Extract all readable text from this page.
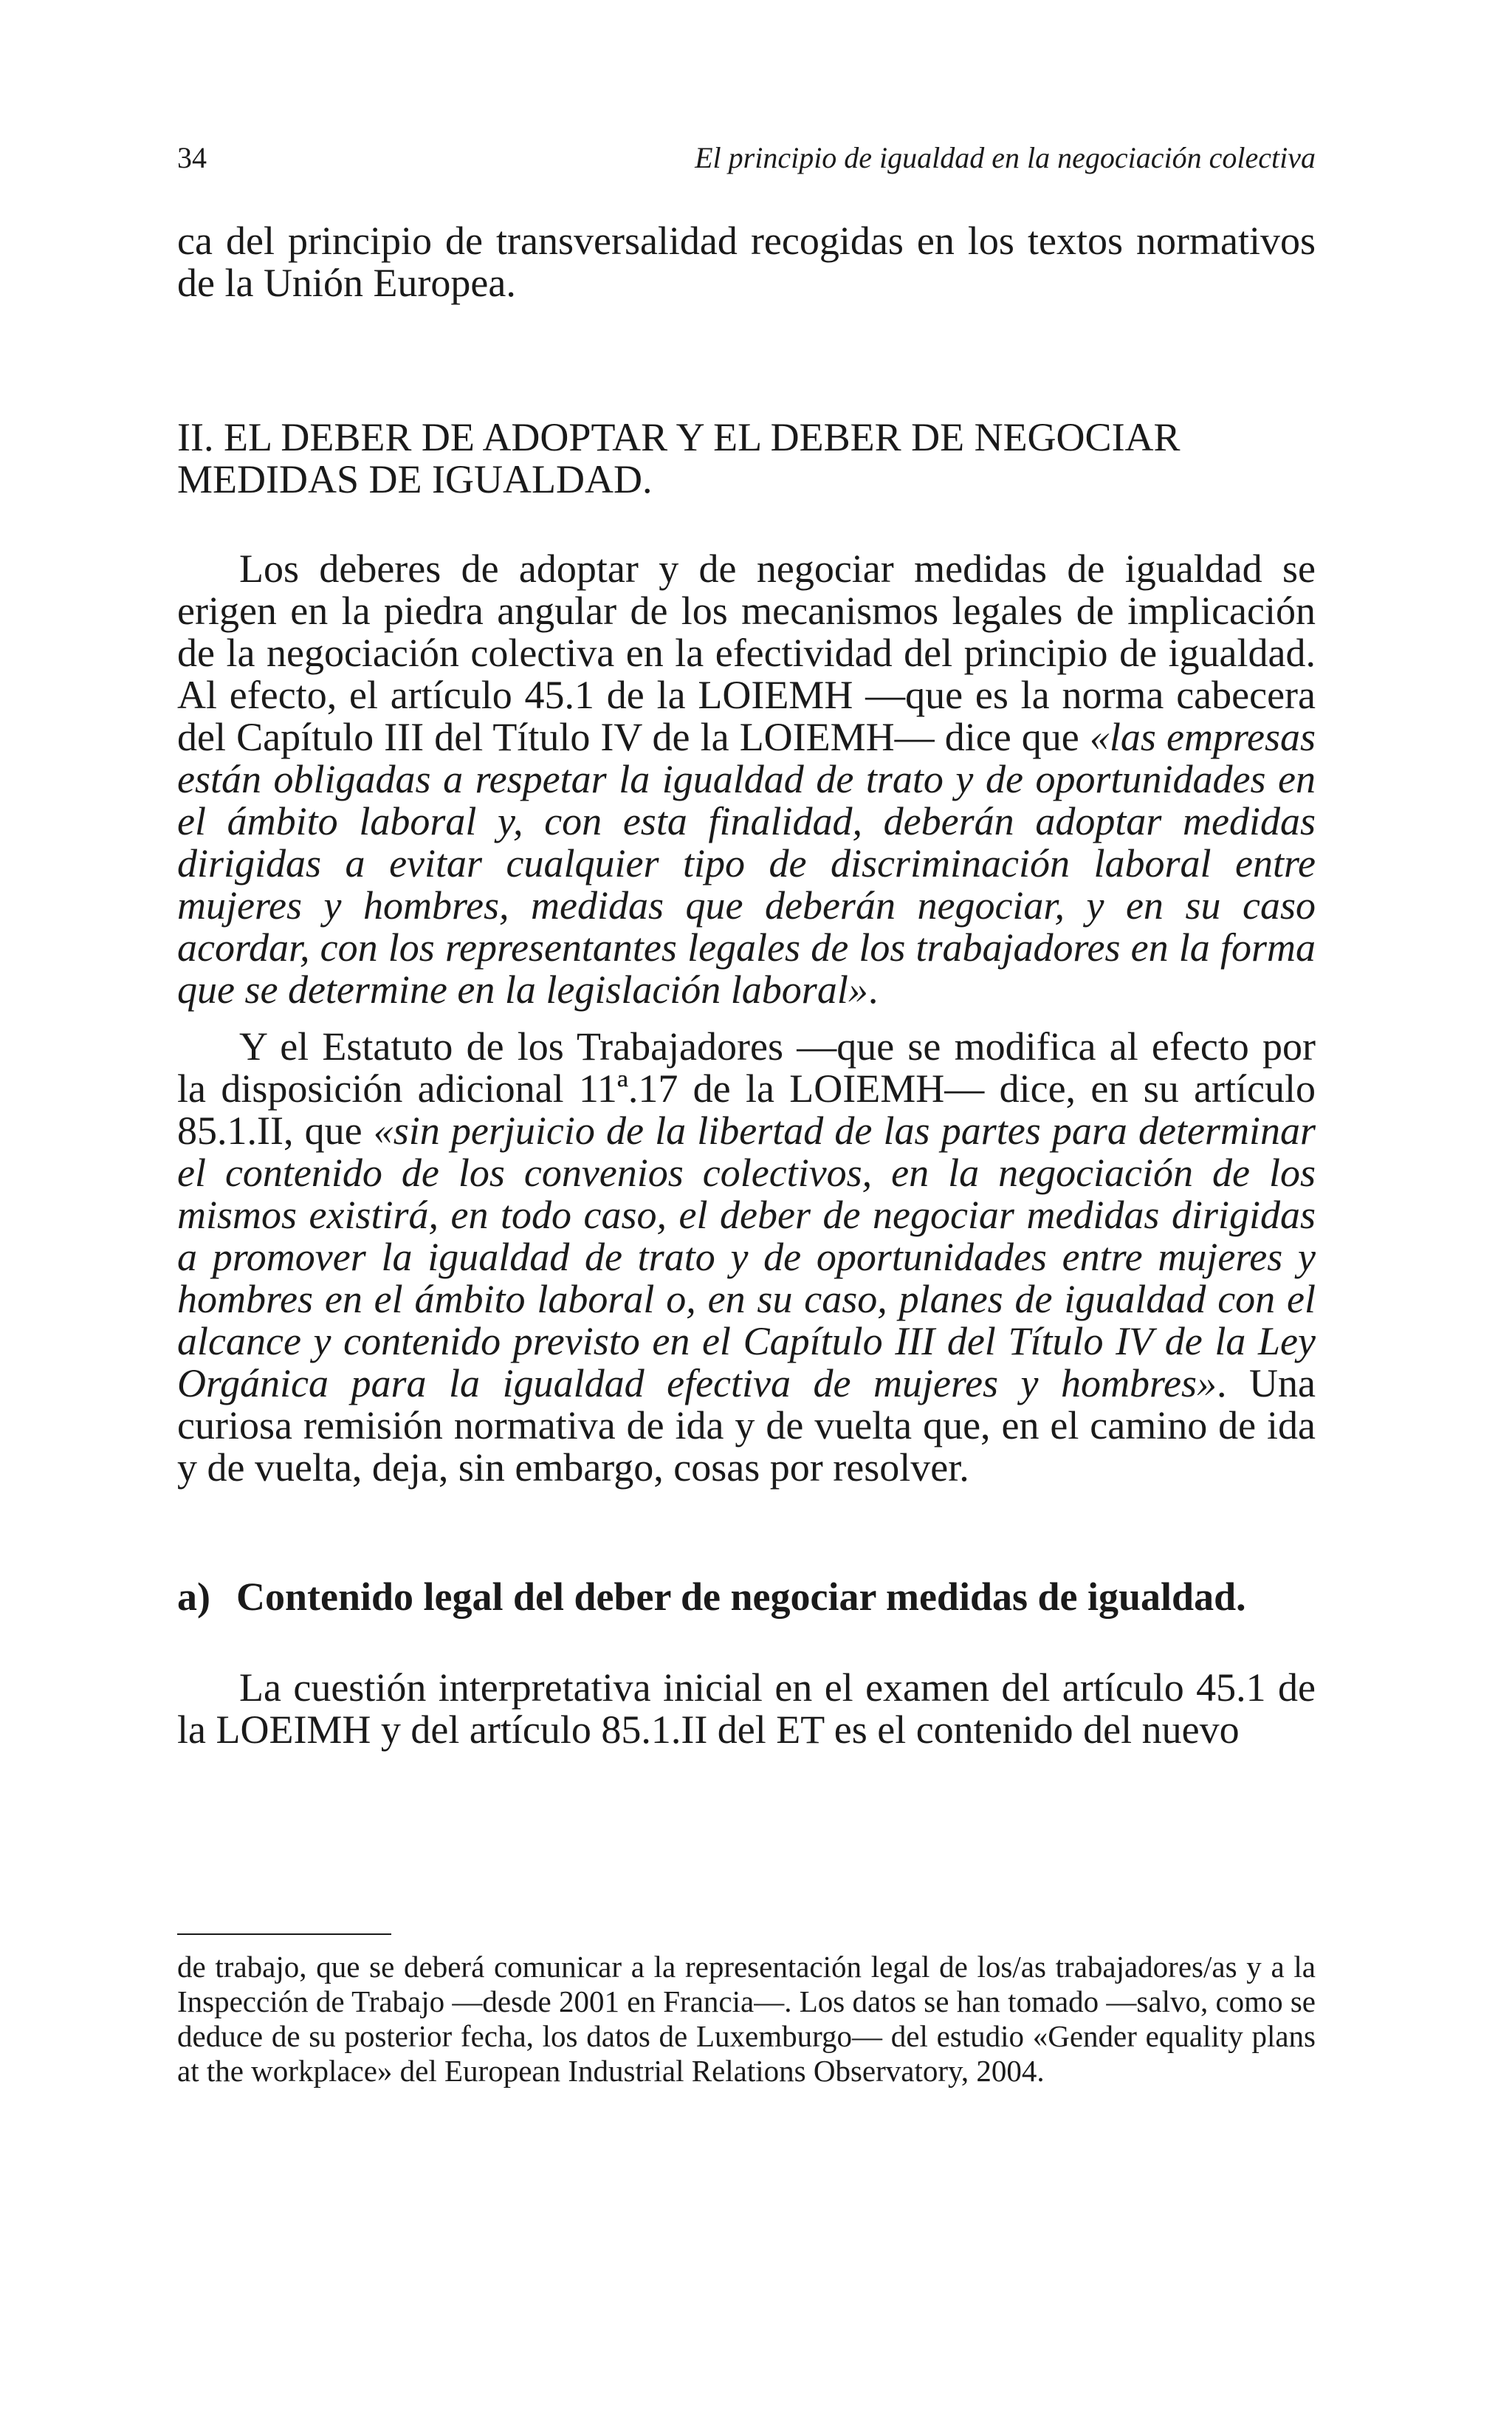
34	El principio de igualdad en la negociación colectiva

ca del principio de transversalidad recogidas en los textos normativos de la Unión Europea.

II. EL DEBER DE ADOPTAR Y EL DEBER DE NEGOCIAR MEDIDAS DE IGUALDAD.

Los deberes de adoptar y de negociar medidas de igualdad se erigen en la piedra angular de los mecanismos legales de implicación de la negociación colectiva en la efectividad del principio de igualdad. Al efecto, el artículo 45.1 de la LOIEMH —que es la norma cabecera del Capítulo III del Título IV de la LOIEMH— dice que «las empresas están obligadas a respetar la igualdad de trato y de oportunidades en el ámbito laboral y, con esta finalidad, deberán adoptar medidas dirigidas a evitar cualquier tipo de discriminación laboral entre mujeres y hombres, medidas que deberán negociar, y en su caso acordar, con los representantes legales de los trabajadores en la forma que se determine en la legislación laboral».

Y el Estatuto de los Trabajadores —que se modifica al efecto por la disposición adicional 11ª.17 de la LOIEMH— dice, en su artículo 85.1.II, que «sin perjuicio de la libertad de las partes para determinar el contenido de los convenios colectivos, en la negociación de los mismos existirá, en todo caso, el deber de negociar medidas dirigidas a promover la igualdad de trato y de oportunidades entre mujeres y hombres en el ámbito laboral o, en su caso, planes de igualdad con el alcance y contenido previsto en el Capítulo III del Título IV de la Ley Orgánica para la igualdad efectiva de mujeres y hombres». Una curiosa remisión normativa de ida y de vuelta que, en el camino de ida y de vuelta, deja, sin embargo, cosas por resolver.

a) Contenido legal del deber de negociar medidas de igualdad.

La cuestión interpretativa inicial en el examen del artículo 45.1 de la LOEIMH y del artículo 85.1.II del ET es el contenido del nuevo

de trabajo, que se deberá comunicar a la representación legal de los/as trabajadores/as y a la Inspección de Trabajo —desde 2001 en Francia—. Los datos se han tomado —salvo, como se deduce de su posterior fecha, los datos de Luxemburgo— del estudio «Gender equality plans at the workplace» del European Industrial Relations Observatory, 2004.
